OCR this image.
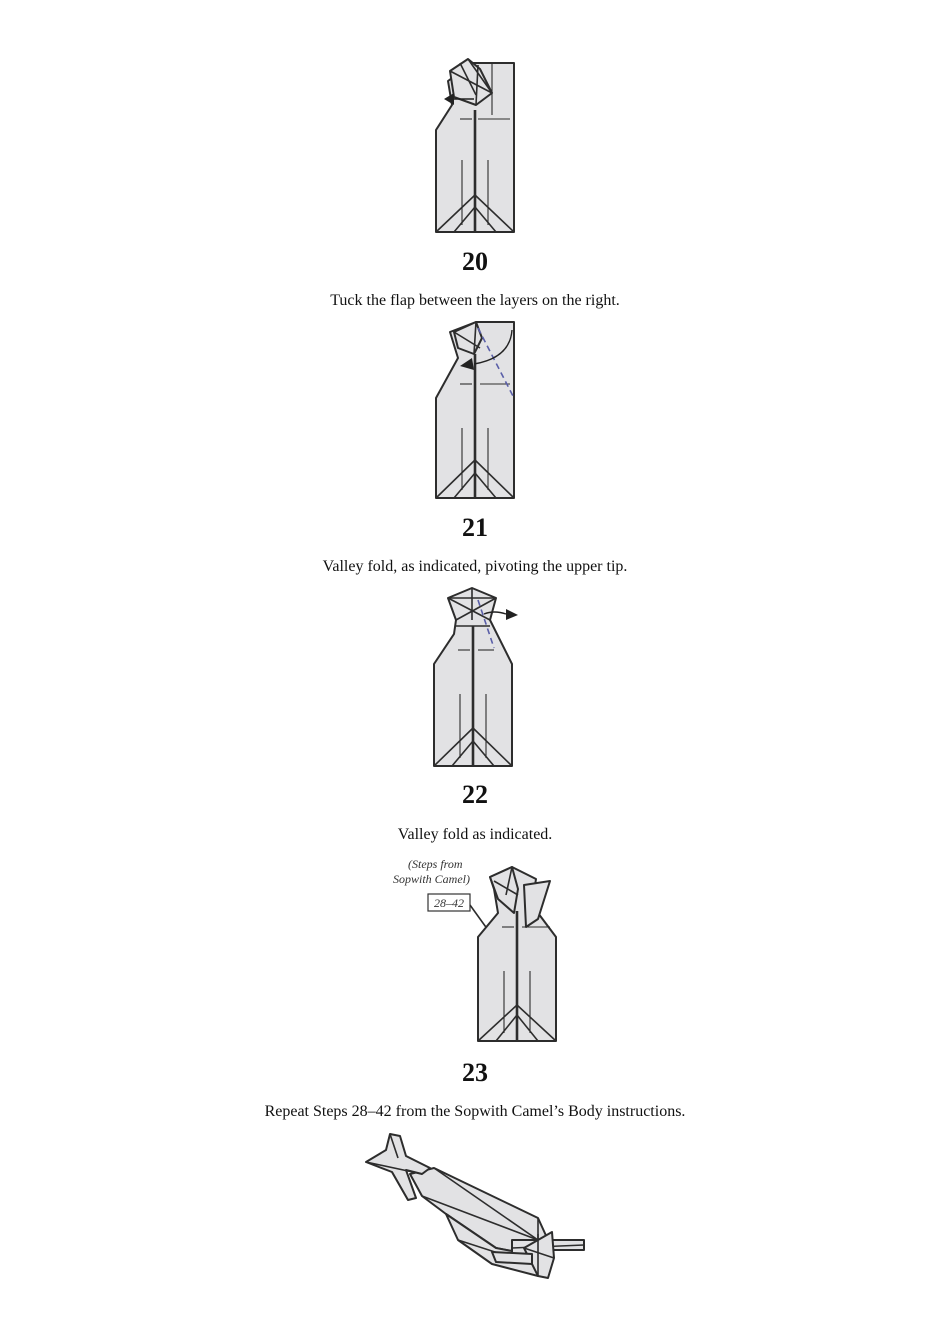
20
Tuck the flap between the layers on the right.
21
Valley fold, as indicated, pivoting the upper tip.
22
Valley fold as indicated.
(Steps from
Sopwith Camel)
28–42
23
Repeat Steps 28–42 from the Sopwith Camel’s Body instructions.
